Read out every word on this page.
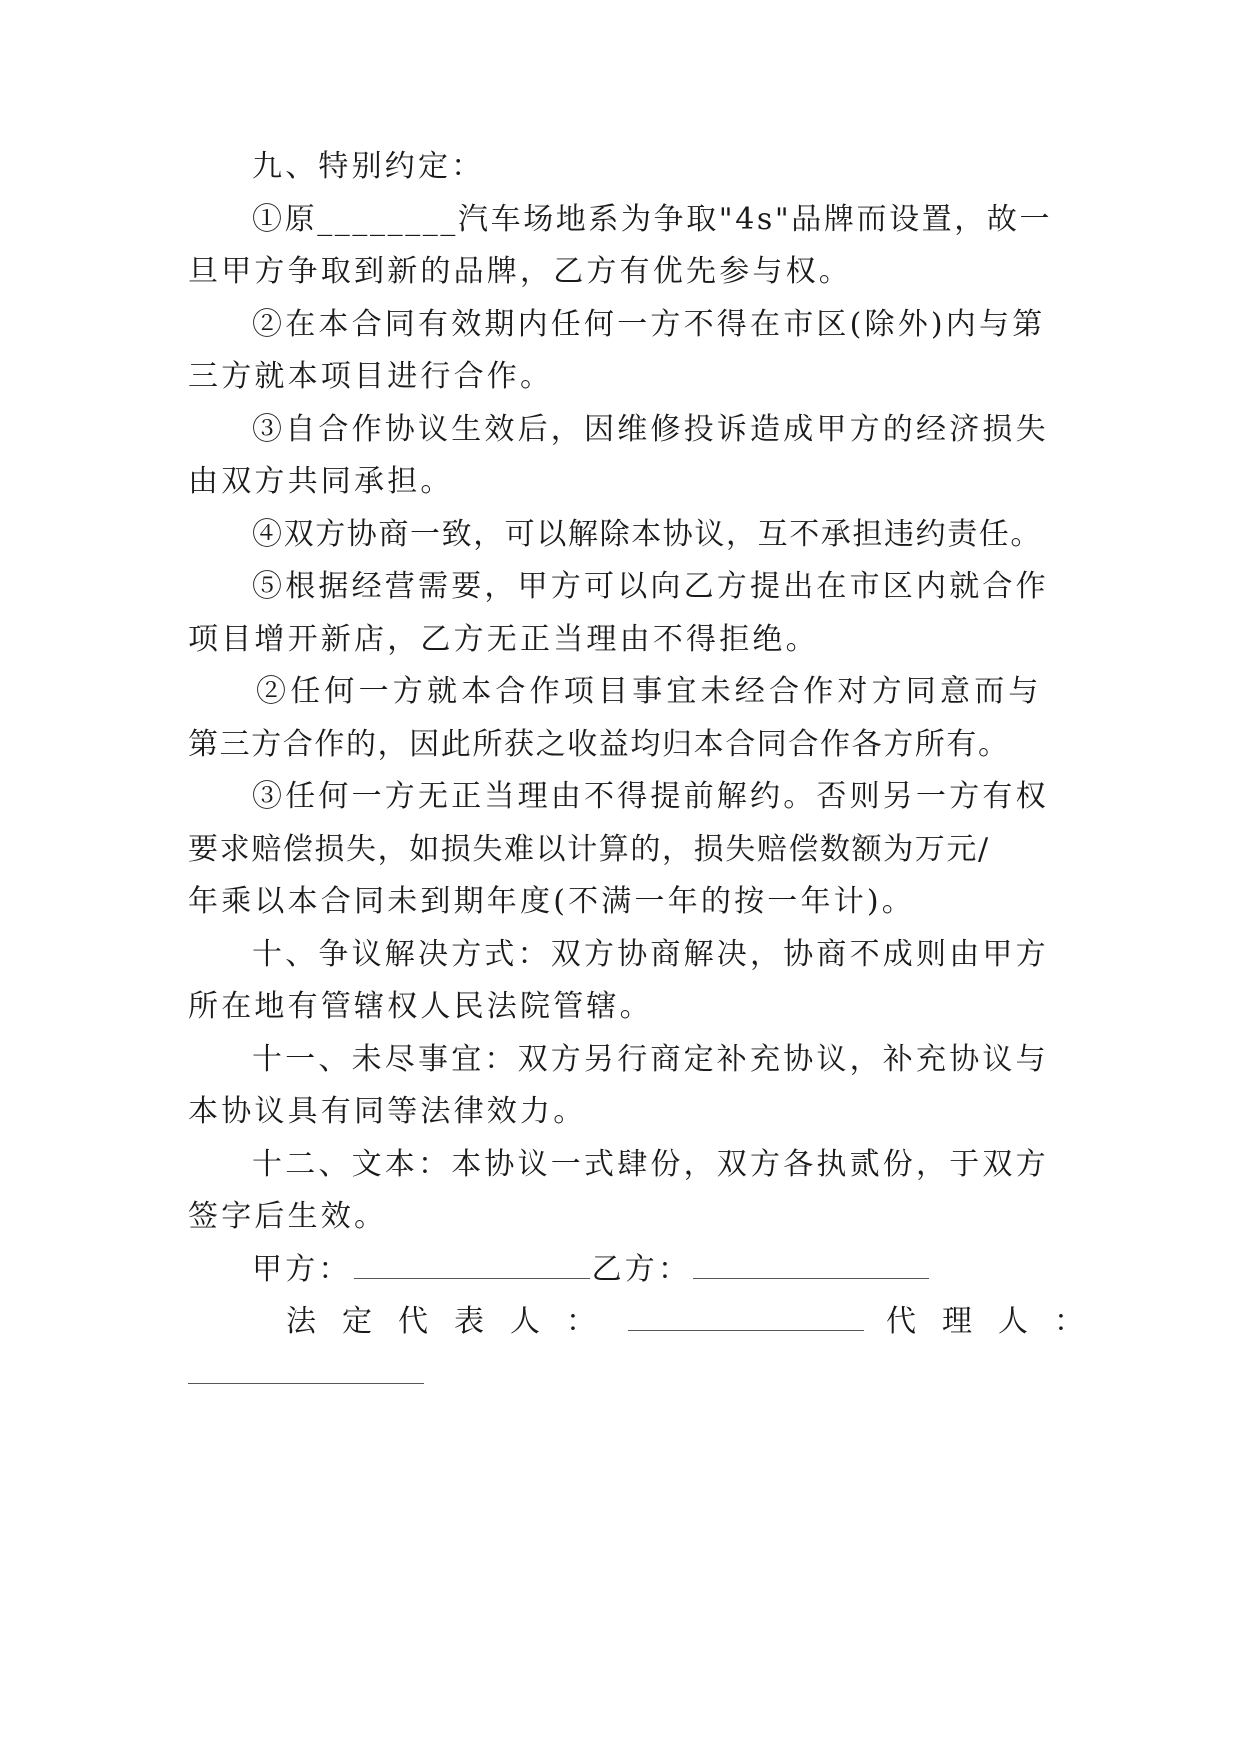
九、特别约定：
①原________汽车场地系为争取"4s"品牌而设置，故一
旦甲方争取到新的品牌，乙方有优先参与权。
②在本合同有效期内任何一方不得在市区(除外)内与第
三方就本项目进行合作。
③自合作协议生效后，因维修投诉造成甲方的经济损失
由双方共同承担。
④双方协商一致，可以解除本协议，互不承担违约责任。
⑤根据经营需要，甲方可以向乙方提出在市区内就合作
项目增开新店，乙方无正当理由不得拒绝。
②任何一方就本合作项目事宜未经合作对方同意而与
第三方合作的，因此所获之收益均归本合同合作各方所有。
③任何一方无正当理由不得提前解约。否则另一方有权
要求赔偿损失，如损失难以计算的，损失赔偿数额为万元/
年乘以本合同未到期年度(不满一年的按一年计)。
十、争议解决方式：双方协商解决，协商不成则由甲方
所在地有管辖权人民法院管辖。
十一、未尽事宜：双方另行商定补充协议，补充协议与
本协议具有同等法律效力。
十二、文本：本协议一式肆份，双方各执贰份，于双方
签字后生效。
甲方：	乙方：
法定代表人：	代理人：
